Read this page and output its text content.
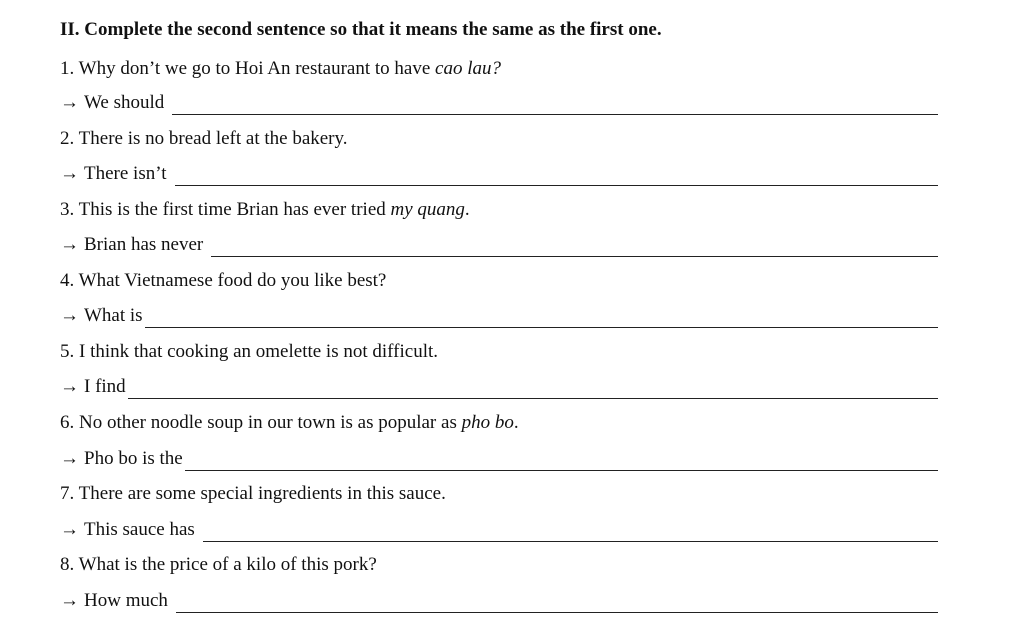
II. Complete the second sentence so that it means the same as the first one.
1. Why don’t we go to Hoi An restaurant to have cao lau?
→ We should
2. There is no bread left at the bakery.
→ There isn’t
3. This is the first time Brian has ever tried my quang.
→ Brian has never
4. What Vietnamese food do you like best?
→ What is
5. I think that cooking an omelette is not difficult.
→ I find
6. No other noodle soup in our town is as popular as pho bo.
→ Pho bo is the
7. There are some special ingredients in this sauce.
→ This sauce has
8. What is the price of a kilo of this pork?
→ How much
